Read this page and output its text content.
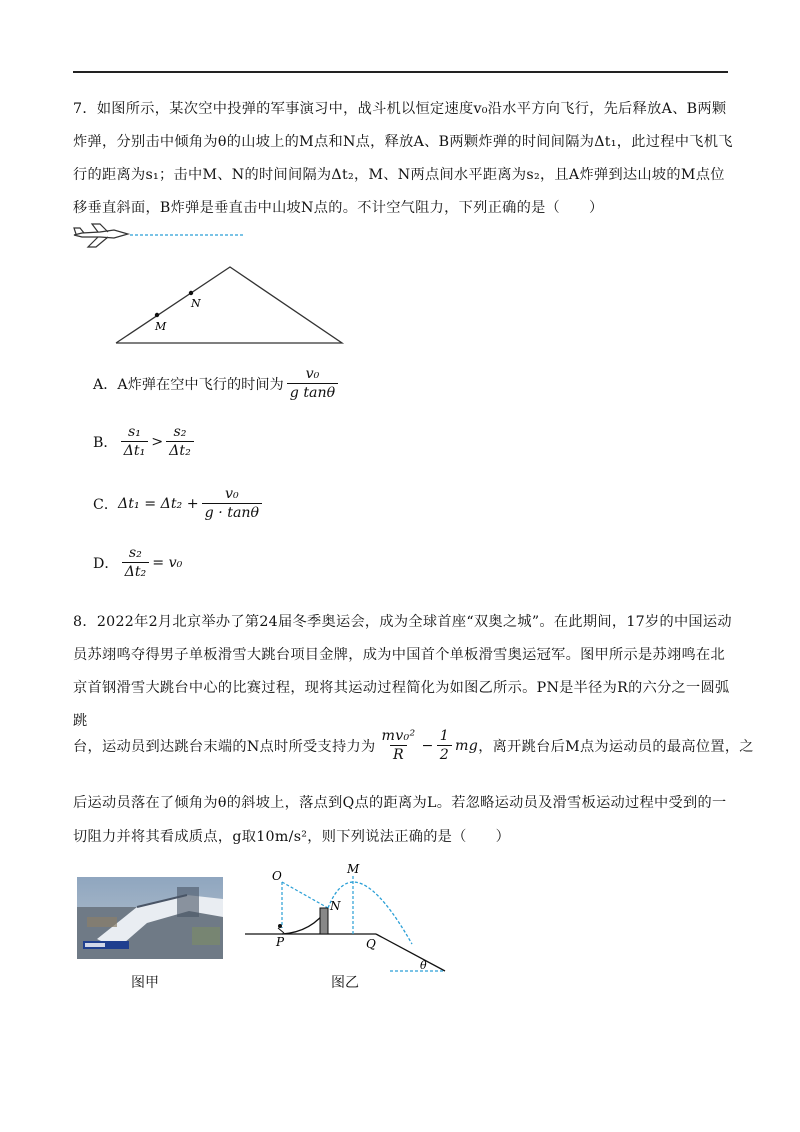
7．如图所示，某次空中投弹的军事演习中，战斗机以恒定速度v₀沿水平方向飞行，先后释放A、B两颗炸弹，分别击中倾角为θ的山坡上的M点和N点，释放A、B两颗炸弹的时间间隔为Δt₁，此过程中飞机飞行的距离为s₁；击中M、N的时间间隔为Δt₂，M、N两点间水平距离为s₂，且A炸弹到达山坡的M点位移垂直斜面，B炸弹是垂直击中山坡N点的。不计空气阻力，下列正确的是（　　）
M
N
A．A炸弹在空中飞行的时间为 $\frac{\text{v₀}}{\text{g tanθ}}$
B． $\frac{\text{s₁}}{\text{Δt₁}} > \frac{\text{s₂}}{\text{Δt₂}}$
C． $\Delta t_1 = \Delta t_2 + \frac{\text{v₀}}{g \cdot \tan\theta}$
D． $\frac{\text{s₂}}{\text{Δt₂}} = v_0$
8．2022年2月北京举办了第24届冬季奥运会，成为全球首座“双奥之城”。在此期间，17岁的中国运动员苏翊鸣夺得男子单板滑雪大跳台项目金牌，成为中国首个单板滑雪奥运冠军。图甲所示是苏翊鸣在北京首钢滑雪大跳台中心的比赛过程，现将其运动过程简化为如图乙所示。PN是半径为R的六分之一圆弧跳
台，运动员到达跳台末端的N点时所受支持力为 $\frac{\text{mv₀²}}{R} - \frac{1}{2}$ mg ，离开跳台后M点为运动员的最高位置，之
后运动员落在了倾角为θ的斜坡上，落点到Q点的距离为L。若忽略运动员及滑雪板运动过程中受到的一
切阻力并将其看成质点，g取10m/s²，则下列说法正确的是（　　）
图甲
O	M
N
P	Q
θ
图乙
